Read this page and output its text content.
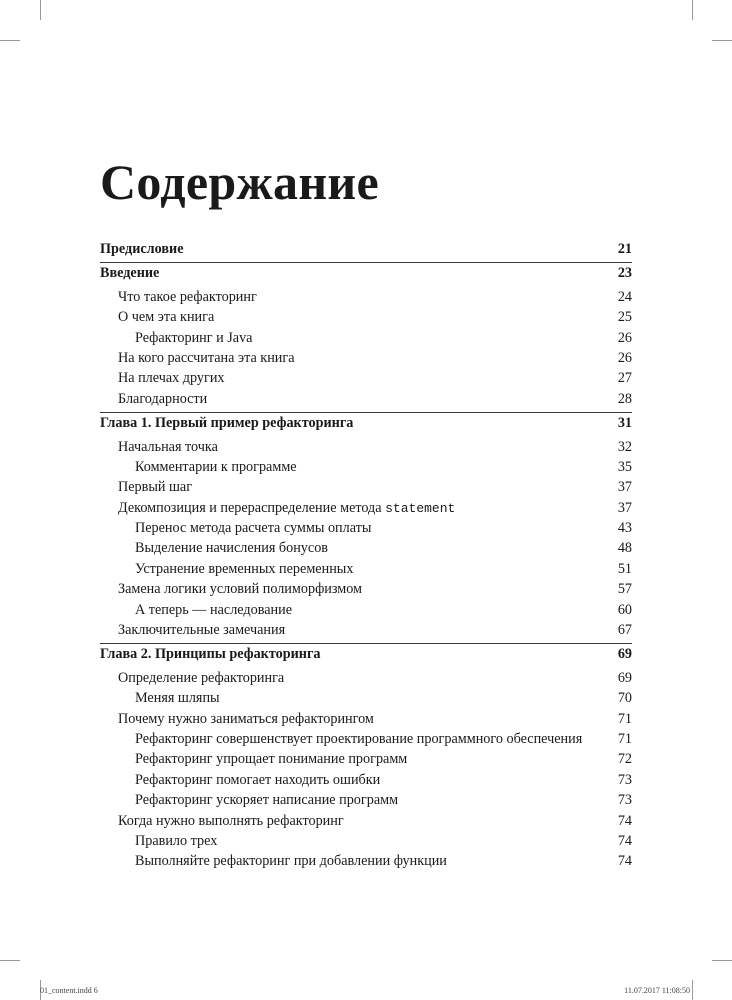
Содержание
Предисловие	21
Введение	23
Что такое рефакторинг	24
О чем эта книга	25
Рефакторинг и Java	26
На кого рассчитана эта книга	26
На плечах других	27
Благодарности	28
Глава 1. Первый пример рефакторинга	31
Начальная точка	32
Комментарии к программе	35
Первый шаг	37
Декомпозиция и перераспределение метода statement	37
Перенос метода расчета суммы оплаты	43
Выделение начисления бонусов	48
Устранение временных переменных	51
Замена логики условий полиморфизмом	57
А теперь — наследование	60
Заключительные замечания	67
Глава 2. Принципы рефакторинга	69
Определение рефакторинга	69
Меняя шляпы	70
Почему нужно заниматься рефакторингом	71
Рефакторинг совершенствует проектирование программного обеспечения	71
Рефакторинг упрощает понимание программ	72
Рефакторинг помогает находить ошибки	73
Рефакторинг ускоряет написание программ	73
Когда нужно выполнять рефакторинг	74
Правило трех	74
Выполняйте рефакторинг при добавлении функции	74
01_content.indd 6	11.07.2017 11:08:50
